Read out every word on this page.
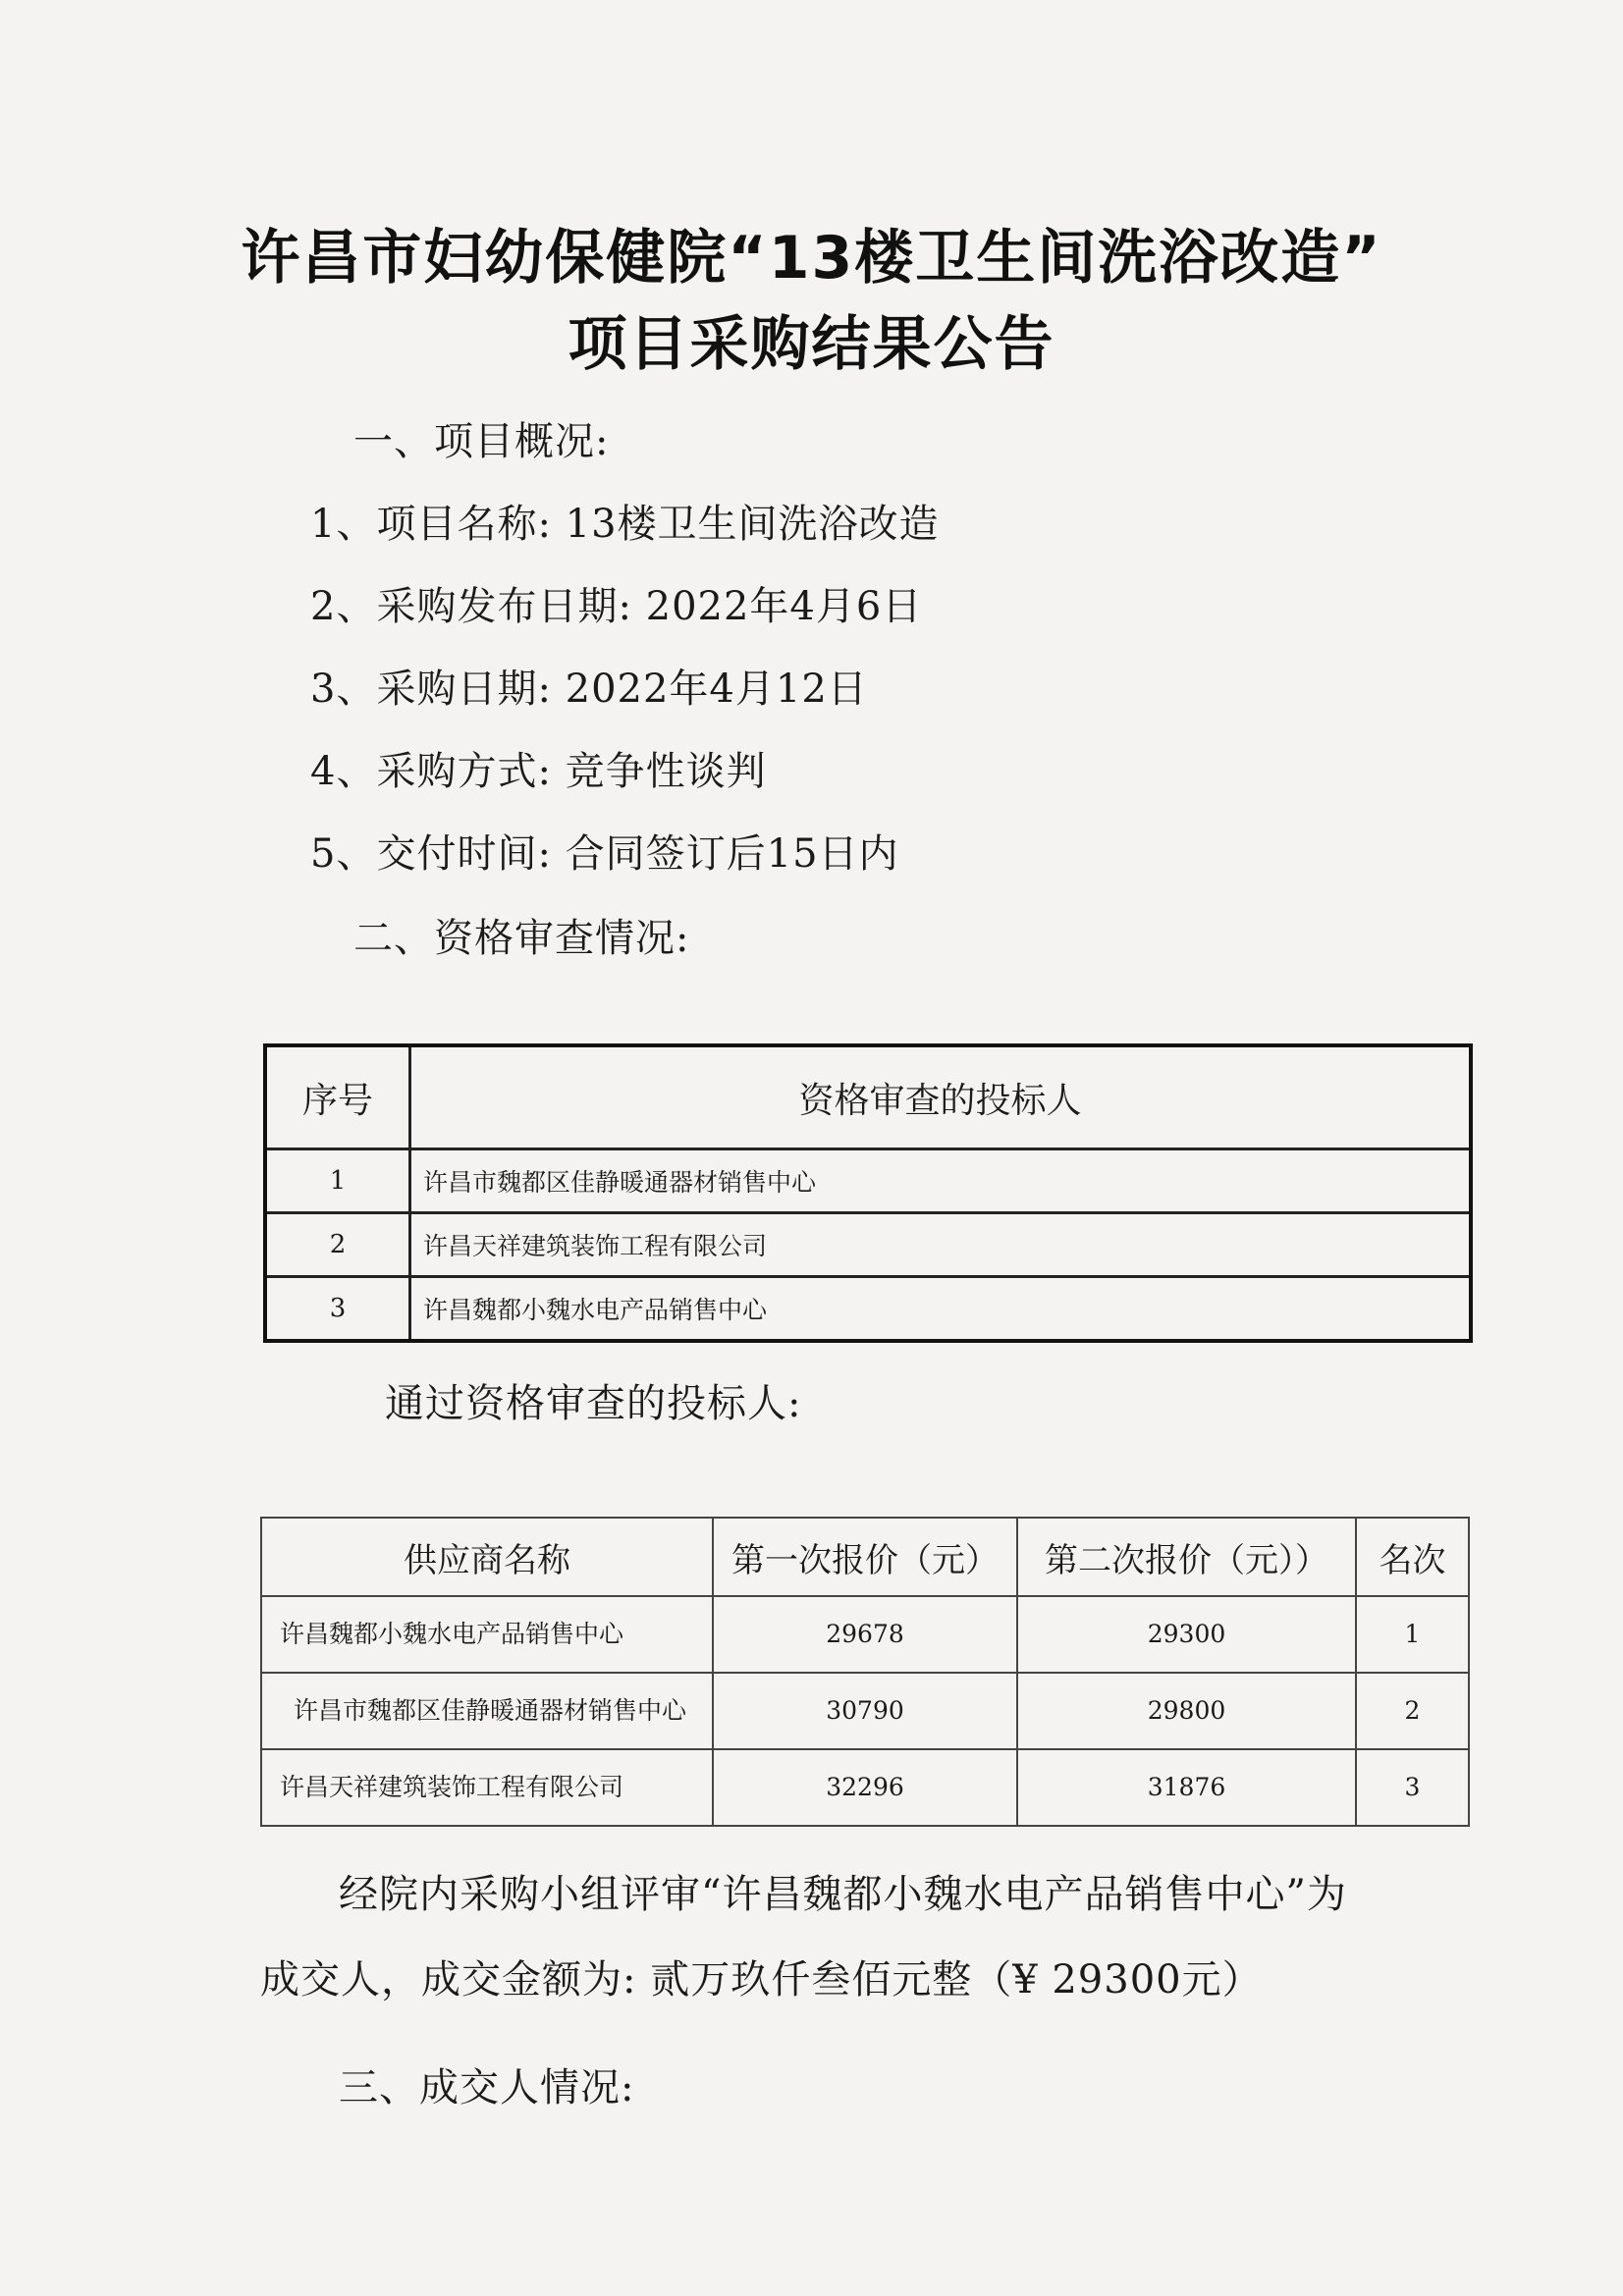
许昌市妇幼保健院“13楼卫生间洗浴改造”
项目采购结果公告
一、项目概况:
1、项目名称: 13楼卫生间洗浴改造
2、采购发布日期: 2022年4月6日
3、采购日期: 2022年4月12日
4、采购方式: 竞争性谈判
5、交付时间: 合同签订后15日内
二、资格审查情况:
序号	资格审查的投标人
1	许昌市魏都区佳静暖通器材销售中心
2	许昌天祥建筑装饰工程有限公司
3	许昌魏都小魏水电产品销售中心
通过资格审查的投标人:
供应商名称	第一次报价（元）	第二次报价（元））	名次
许昌魏都小魏水电产品销售中心	29678	29300	1
许昌市魏都区佳静暖通器材销售中心	30790	29800	2
许昌天祥建筑装饰工程有限公司	32296	31876	3
经院内采购小组评审“许昌魏都小魏水电产品销售中心”为
成交人，成交金额为: 贰万玖仟叁佰元整（¥ 29300元）
三、成交人情况:
